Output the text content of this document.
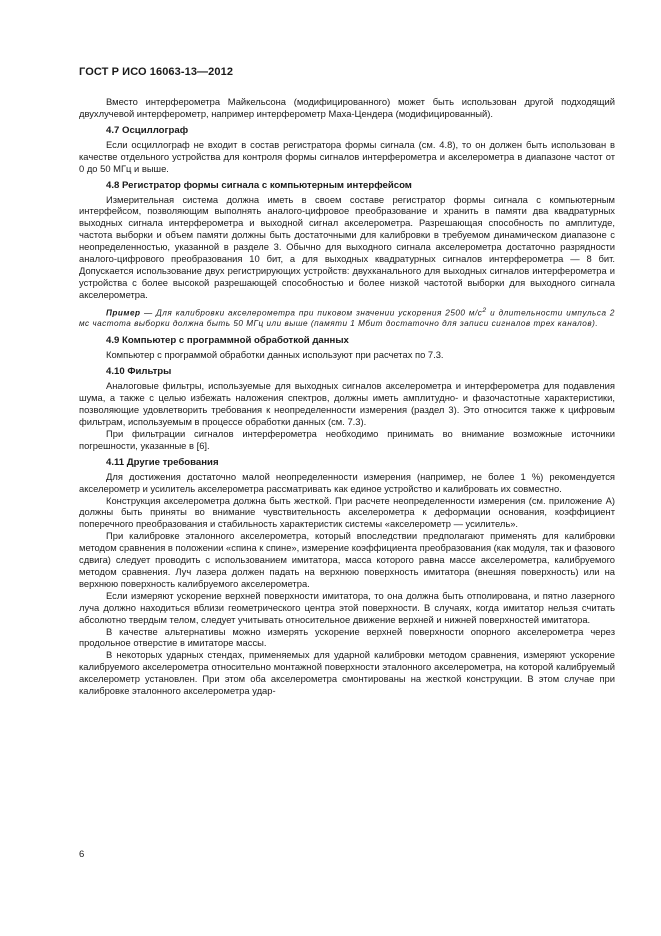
ГОСТ Р ИСО 16063-13—2012

Вместо интерферометра Майкельсона (модифицированного) может быть использован другой подходящий двухлучевой интерферометр, например интерферометр Маха-Цендера (модифицированный).

4.7 Осциллограф

Если осциллограф не входит в состав регистратора формы сигнала (см. 4.8), то он должен быть использован в качестве отдельного устройства для контроля формы сигналов интерферометра и акселерометра в диапазоне частот от 0 до 50 МГц и выше.

4.8 Регистратор формы сигнала с компьютерным интерфейсом

Измерительная система должна иметь в своем составе регистратор формы сигнала с компьютерным интерфейсом, позволяющим выполнять аналого-цифровое преобразование и хранить в памяти два квадратурных выходных сигнала интерферометра и выходной сигнал акселерометра. Разрешающая способность по амплитуде, частота выборки и объем памяти должны быть достаточными для калибровки в требуемом динамическом диапазоне с неопределенностью, указанной в разделе 3. Обычно для выходного сигнала акселерометра достаточно разрядности аналого-цифрового преобразования 10 бит, а для выходных квадратурных сигналов интерферометра — 8 бит. Допускается использование двух регистрирующих устройств: двухканального для выходных сигналов интерферометра и устройства с более высокой разрешающей способностью и более низкой частотой выборки для выходного сигнала акселерометра.

Пример — Для калибровки акселерометра при пиковом значении ускорения 2500 $м/с^2$ и длительности импульса 2 мс частота выборки должна быть 50 МГц или выше (памяти 1 Мбит достаточно для записи сигналов трех каналов).

4.9 Компьютер с программной обработкой данных

Компьютер с программой обработки данных используют при расчетах по 7.3.

4.10 Фильтры

Аналоговые фильтры, используемые для выходных сигналов акселерометра и интерферометра для подавления шума, а также с целью избежать наложения спектров, должны иметь амплитудно- и фазочастотные характеристики, позволяющие удовлетворить требования к неопределенности измерения (раздел 3). Это относится также к цифровым фильтрам, используемым в процессе обработки данных (см. 7.3).

При фильтрации сигналов интерферометра необходимо принимать во внимание возможные источники погрешности, указанные в [6].

4.11 Другие требования

Для достижения достаточно малой неопределенности измерения (например, не более 1 %) рекомендуется акселерометр и усилитель акселерометра рассматривать как единое устройство и калибровать их совместно.

Конструкция акселерометра должна быть жесткой. При расчете неопределенности измерения (см. приложение А) должны быть приняты во внимание чувствительность акселерометра к деформации основания, коэффициент поперечного преобразования и стабильность характеристик системы «акселерометр — усилитель».

При калибровке эталонного акселерометра, который впоследствии предполагают применять для калибровки методом сравнения в положении «спина к спине», измерение коэффициента преобразования (как модуля, так и фазового сдвига) следует проводить с использованием имитатора, масса которого равна массе акселерометра, калибруемого методом сравнения. Луч лазера должен падать на верхнюю поверхность имитатора (внешняя поверхность) или на верхнюю поверхность калибруемого акселерометра.

Если измеряют ускорение верхней поверхности имитатора, то она должна быть отполирована, и пятно лазерного луча должно находиться вблизи геометрического центра этой поверхности. В случаях, когда имитатор нельзя считать абсолютно твердым телом, следует учитывать относительное движение верхней и нижней поверхностей имитатора.

В качестве альтернативы можно измерять ускорение верхней поверхности опорного акселерометра через продольное отверстие в имитаторе массы.

В некоторых ударных стендах, применяемых для ударной калибровки методом сравнения, измеряют ускорение калибруемого акселерометра относительно монтажной поверхности эталонного акселерометра, на которой калибруемый акселерометр установлен. При этом оба акселерометра смонтированы на жесткой конструкции. В этом случае при калибровке эталонного акселерометра удар-

6
